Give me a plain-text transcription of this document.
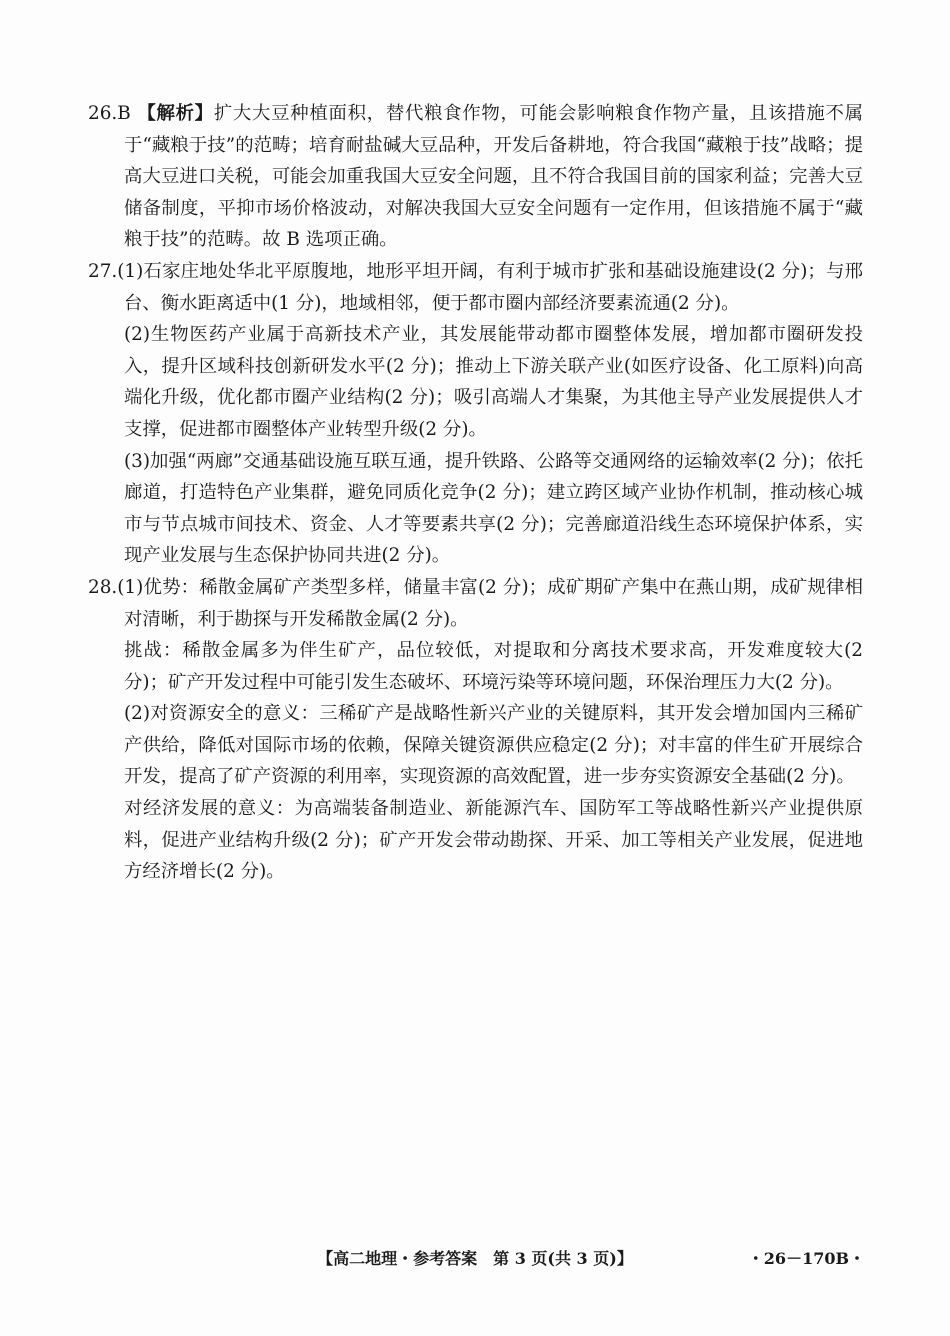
26.B 【解析】扩大大豆种植面积，替代粮食作物，可能会影响粮食作物产量，且该措施不属于“藏粮于技”的范畴；培育耐盐碱大豆品种，开发后备耕地，符合我国“藏粮于技”战略；提高大豆进口关税，可能会加重我国大豆安全问题，且不符合我国目前的国家利益；完善大豆储备制度，平抑市场价格波动，对解决我国大豆安全问题有一定作用，但该措施不属于“藏粮于技”的范畴。故 B 选项正确。

27.(1)石家庄地处华北平原腹地，地形平坦开阔，有利于城市扩张和基础设施建设(2 分)；与邢台、衡水距离适中(1 分)，地域相邻，便于都市圈内部经济要素流通(2 分)。

(2)生物医药产业属于高新技术产业，其发展能带动都市圈整体发展，增加都市圈研发投入，提升区域科技创新研发水平(2 分)；推动上下游关联产业(如医疗设备、化工原料)向高端化升级，优化都市圈产业结构(2 分)；吸引高端人才集聚，为其他主导产业发展提供人才支撑，促进都市圈整体产业转型升级(2 分)。

(3)加强“两廊”交通基础设施互联互通，提升铁路、公路等交通网络的运输效率(2 分)；依托廊道，打造特色产业集群，避免同质化竞争(2 分)；建立跨区域产业协作机制，推动核心城市与节点城市间技术、资金、人才等要素共享(2 分)；完善廊道沿线生态环境保护体系，实现产业发展与生态保护协同共进(2 分)。

28.(1)优势：稀散金属矿产类型多样，储量丰富(2 分)；成矿期矿产集中在燕山期，成矿规律相对清晰，利于勘探与开发稀散金属(2 分)。

挑战：稀散金属多为伴生矿产，品位较低，对提取和分离技术要求高，开发难度较大(2 分)；矿产开发过程中可能引发生态破坏、环境污染等环境问题，环保治理压力大(2 分)。

(2)对资源安全的意义：三稀矿产是战略性新兴产业的关键原料，其开发会增加国内三稀矿产供给，降低对国际市场的依赖，保障关键资源供应稳定(2 分)；对丰富的伴生矿开展综合开发，提高了矿产资源的利用率，实现资源的高效配置，进一步夯实资源安全基础(2 分)。

对经济发展的意义：为高端装备制造业、新能源汽车、国防军工等战略性新兴产业提供原料，促进产业结构升级(2 分)；矿产开发会带动勘探、开采、加工等相关产业发展，促进地方经济增长(2 分)。

【高二地理・参考答案　第 3 页(共 3 页)】	・26－170B・
